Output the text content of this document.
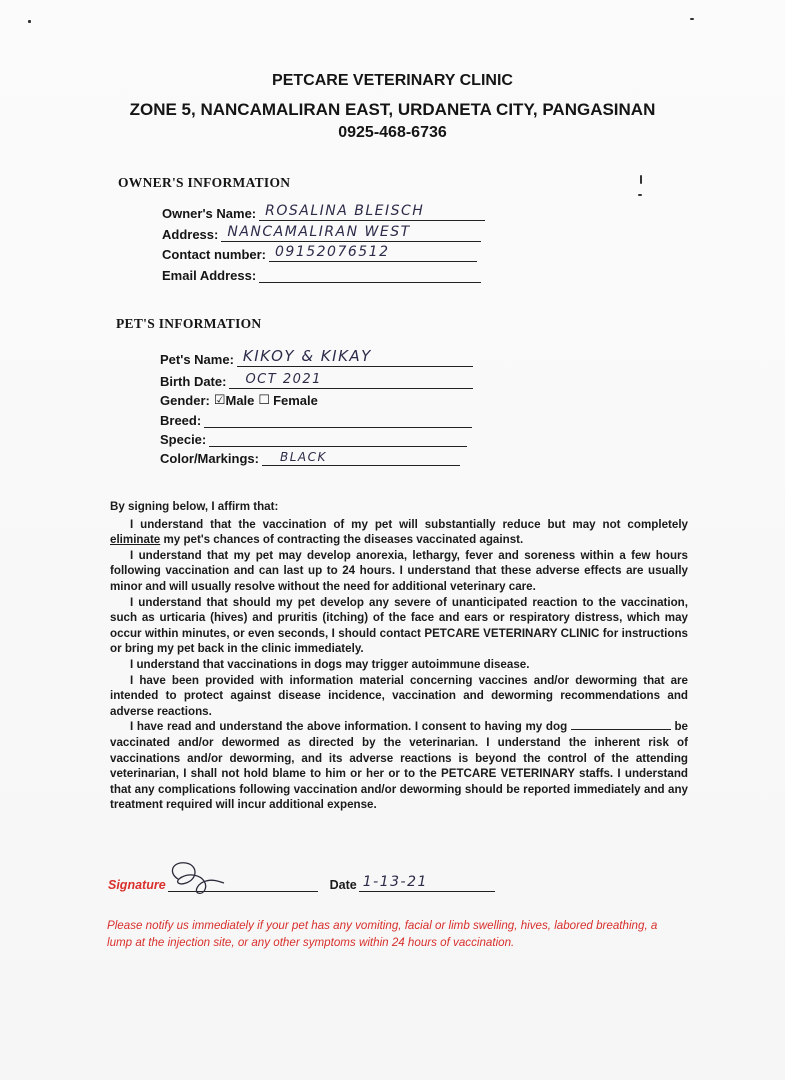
PETCARE VETERINARY CLINIC
ZONE 5, NANCAMALIRAN EAST, URDANETA CITY, PANGASINAN
0925-468-6736
OWNER'S INFORMATION
Owner's Name: ROSALINA BLEISCH
Address: NANCAMALIRAN WEST
Contact number: 09152076512
Email Address:
PET'S INFORMATION
Pet's Name: KIKOY & KIKAY
Birth Date: OCT 2021
Gender: ☑ Male ☐ Female
Breed:
Specie:
Color/Markings: BLACK

By signing below, I affirm that:

I understand that the vaccination of my pet will substantially reduce but may not completely eliminate my pet's chances of contracting the diseases vaccinated against.

I understand that my pet may develop anorexia, lethargy, fever and soreness within a few hours following vaccination and can last up to 24 hours. I understand that these adverse effects are usually minor and will usually resolve without the need for additional veterinary care.

I understand that should my pet develop any severe of unanticipated reaction to the vaccination, such as urticaria (hives) and pruritis (itching) of the face and ears or respiratory distress, which may occur within minutes, or even seconds, I should contact PETCARE VETERINARY CLINIC for instructions or bring my pet back in the clinic immediately.

I understand that vaccinations in dogs may trigger autoimmune disease.

I have been provided with information material concerning vaccines and/or deworming that are intended to protect against disease incidence, vaccination and deworming recommendations and adverse reactions.

I have read and understand the above information. I consent to having my dog	be vaccinated and/or dewormed as directed by the veterinarian. I understand the inherent risk of vaccinations and/or deworming, and its adverse reactions is beyond the control of the attending veterinarian, I shall not hold blame to him or her or to the PETCARE VETERINARY staffs. I understand that any complications following vaccination and/or deworming should be reported immediately and any treatment required will incur additional expense.

Signature	Date 1-13-21
Please notify us immediately if your pet has any vomiting, facial or limb swelling, hives, labored breathing, a lump at the injection site, or any other symptoms within 24 hours of vaccination.
